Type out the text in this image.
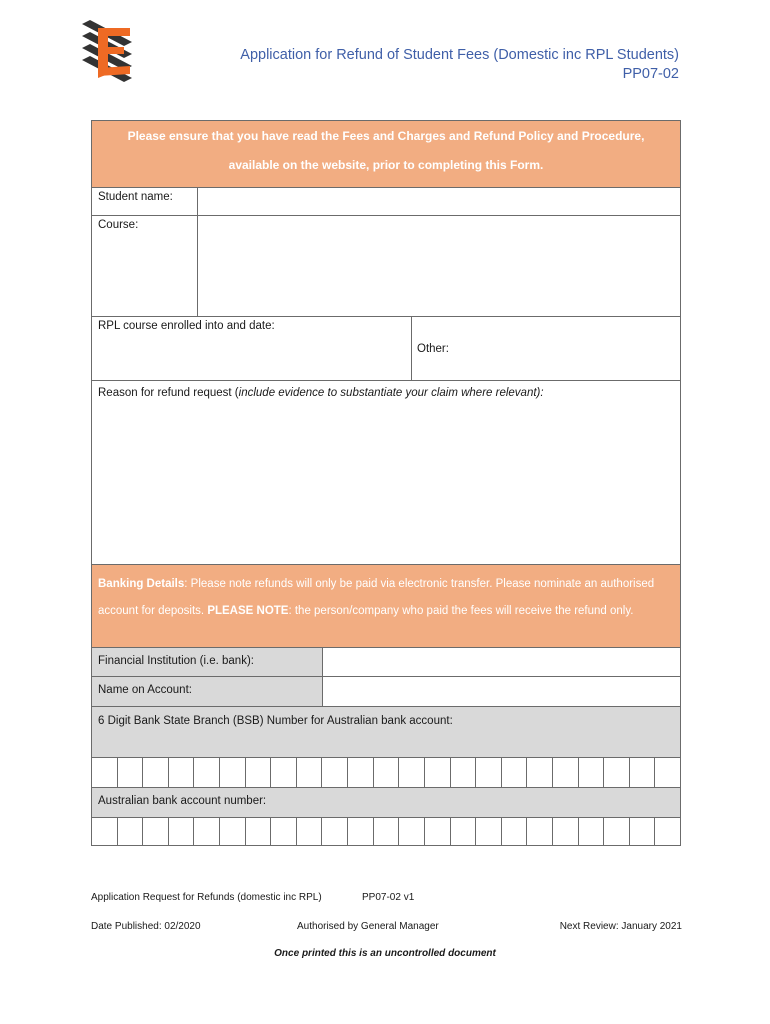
Application for Refund of Student Fees (Domestic inc RPL Students)
PP07-02
Please ensure that you have read the Fees and Charges and Refund Policy and Procedure,
available on the website, prior to completing this Form.
Student name:
Course:
RPL course enrolled into and date:
Other:
Reason for refund request (include evidence to substantiate your claim where relevant):
Banking Details: Please note refunds will only be paid via electronic transfer. Please nominate an authorised account for deposits. PLEASE NOTE: the person/company who paid the fees will receive the refund only.
Financial Institution (i.e. bank):
Name on Account:
6 Digit Bank State Branch (BSB) Number for Australian bank account:
Australian bank account number:
Application Request for Refunds (domestic inc RPL)	PP07-02 v1
Date Published: 02/2020	Authorised by General Manager	Next Review: January 2021
Once printed this is an uncontrolled document
